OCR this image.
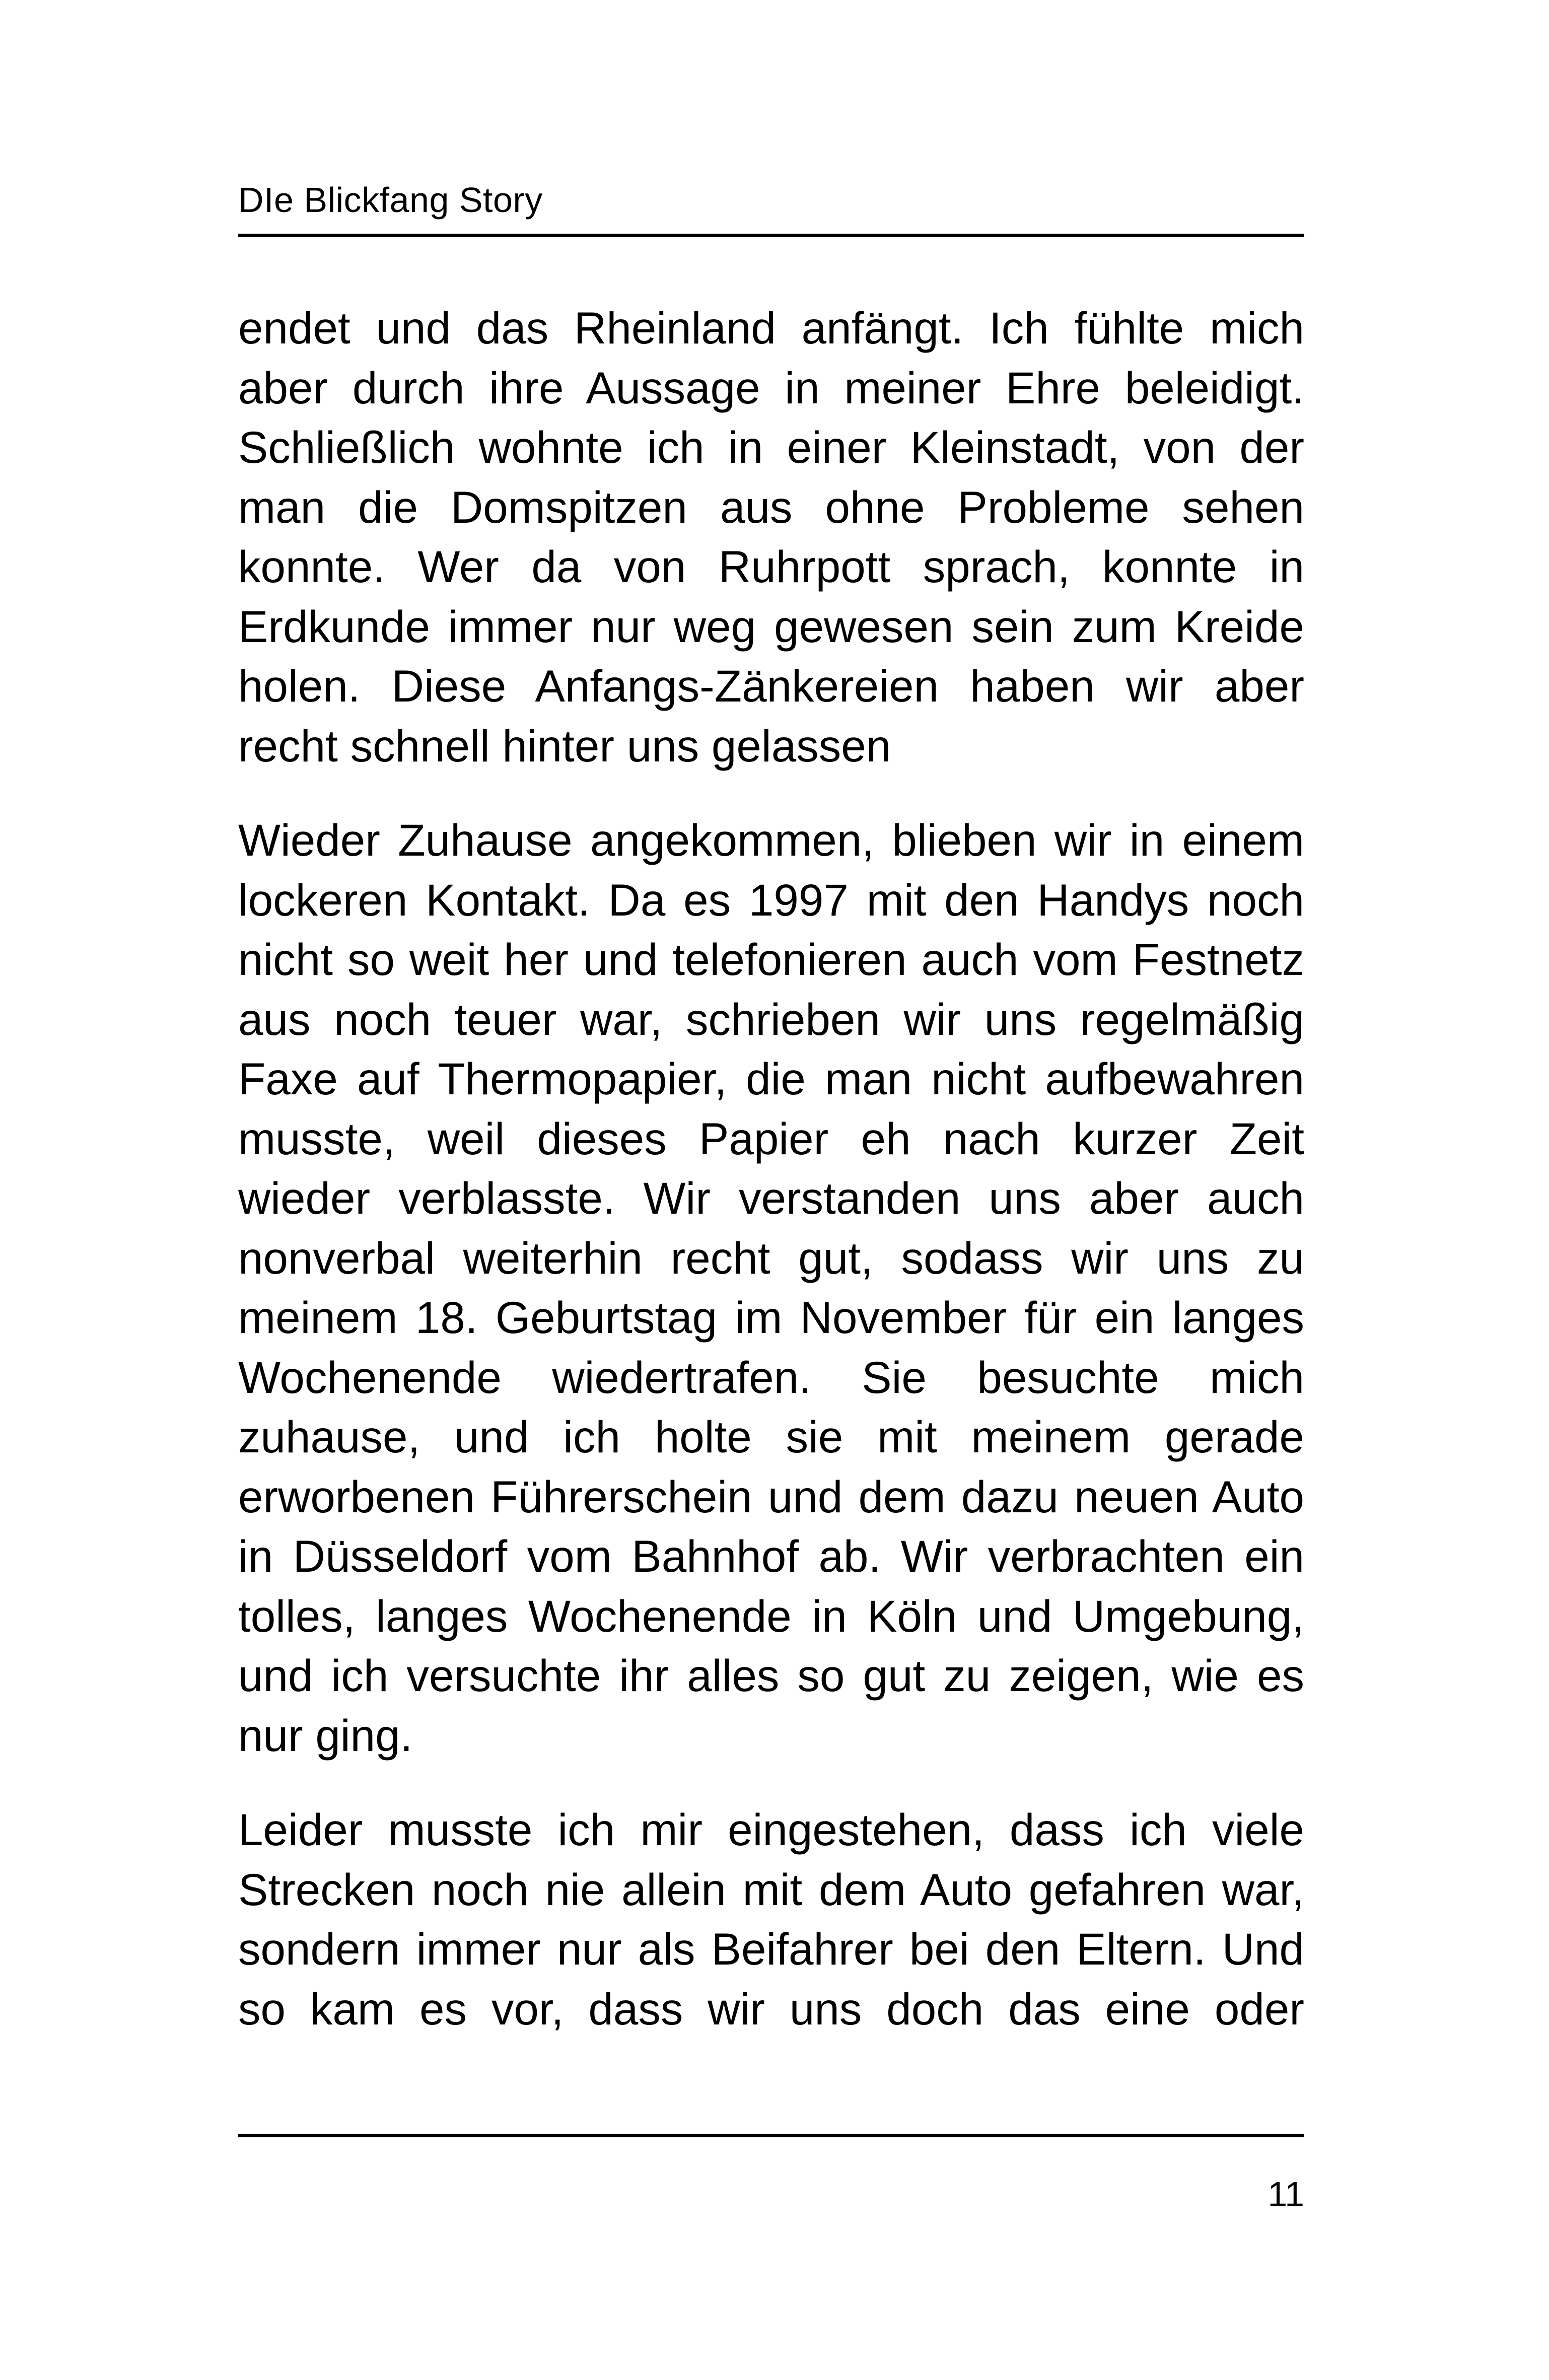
DIe Blickfang Story

endet und das Rheinland anfängt. Ich fühlte mich aber durch ihre Aussage in meiner Ehre beleidigt. Schließlich wohnte ich in einer Kleinstadt, von der man die Domspitzen aus ohne Probleme sehen konnte. Wer da von Ruhrpott sprach, konnte in Erdkunde immer nur weg gewesen sein zum Kreide holen. Diese Anfangs-Zänkereien haben wir aber recht schnell hinter uns gelassen

Wieder Zuhause angekommen, blieben wir in einem lockeren Kontakt. Da es 1997 mit den Handys noch nicht so weit her und telefonieren auch vom Festnetz aus noch teuer war, schrieben wir uns regelmäßig Faxe auf Thermopapier, die man nicht aufbewahren musste, weil dieses Papier eh nach kurzer Zeit wieder verblasste. Wir verstanden uns aber auch nonverbal weiterhin recht gut, sodass wir uns zu meinem 18. Geburtstag im November für ein langes Wochenende wiedertrafen. Sie besuchte mich zuhause, und ich holte sie mit meinem gerade erworbenen Führerschein und dem dazu neuen Auto in Düsseldorf vom Bahnhof ab. Wir verbrachten ein tolles, langes Wochenende in Köln und Umgebung, und ich versuchte ihr alles so gut zu zeigen, wie es nur ging.

Leider musste ich mir eingestehen, dass ich viele Strecken noch nie allein mit dem Auto gefahren war, sondern immer nur als Beifahrer bei den Eltern. Und so kam es vor, dass wir uns doch das eine oder

11
